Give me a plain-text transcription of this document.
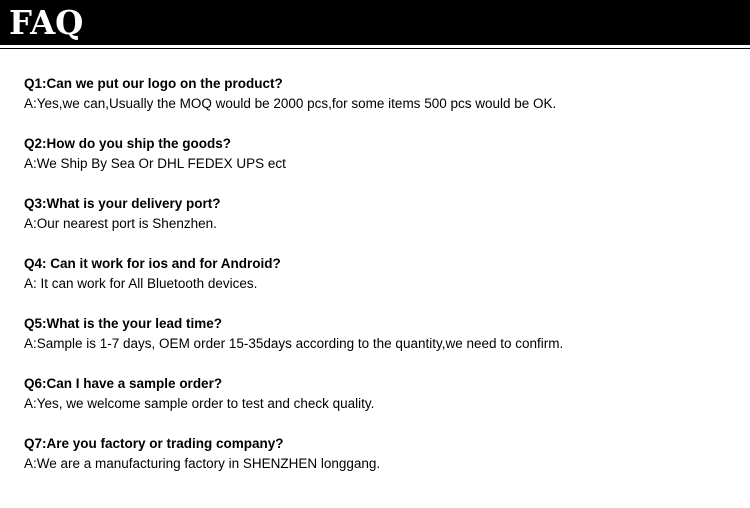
FAQ
Q1:Can we put our logo on the product?
A:Yes,we can,Usually the MOQ would be 2000 pcs,for some items 500 pcs would be OK.
Q2:How do you ship the goods?
A:We Ship By Sea Or DHL FEDEX UPS ect
Q3:What is your delivery port?
A:Our nearest port is Shenzhen.
Q4: Can it work for ios and for Android?
A: It can work for All Bluetooth devices.
Q5:What is the your lead time?
A:Sample is 1-7 days, OEM order 15-35days according to the quantity,we need to confirm.
Q6:Can I have a sample order?
A:Yes, we welcome sample order to test and check quality.
Q7:Are you factory or trading company?
A:We are a manufacturing factory in SHENZHEN longgang.
